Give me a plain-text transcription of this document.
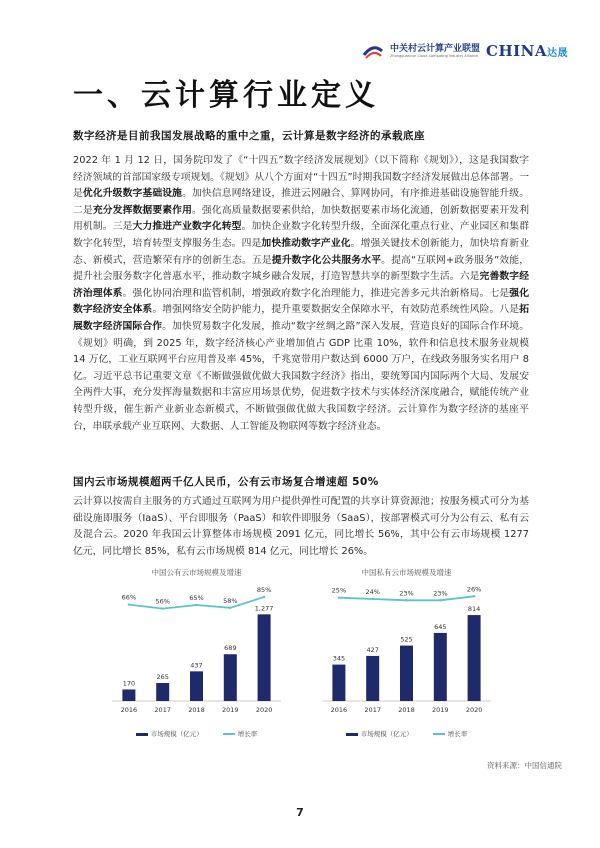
中关村云计算产业联盟
Zhongguancun Cloud Computing Industry Alliance CHINA达晟
一、云计算行业定义
数字经济是目前我国发展战略的重中之重，云计算是数字经济的承载底座
2022 年 1 月 12 日，国务院印发了《“十四五”数字经济发展规划》（以下简称《规划》），这是我国数字经济领域的首部国家级专项规划。《规划》从八个方面对“十四五”时期我国数字经济发展做出总体部署。一是优化升级数字基础设施。加快信息网络建设，推进云网融合、算网协同，有序推进基础设施智能升级。二是充分发挥数据要素作用。强化高质量数据要素供给，加快数据要素市场化流通，创新数据要素开发利用机制。三是大力推进产业数字化转型。加快企业数字化转型升级，全面深化重点行业、产业园区和集群数字化转型，培育转型支撑服务生态。四是加快推动数字产业化。增强关键技术创新能力，加快培育新业态、新模式，营造繁荣有序的创新生态。五是提升数字化公共服务水平。提高“互联网+政务服务”效能，提升社会服务数字化普惠水平，推动数字城乡融合发展，打造智慧共享的新型数字生活。六是完善数字经济治理体系。强化协同治理和监管机制，增强政府数字化治理能力，推进完善多元共治新格局。七是强化数字经济安全体系。增强网络安全防护能力，提升重要数据安全保障水平，有效防范系统性风险。八是拓展数字经济国际合作。加快贸易数字化发展，推动“数字丝绸之路”深入发展，营造良好的国际合作环境。《规划》明确，到 2025 年，数字经济核心产业增加值占 GDP 比重 10%，软件和信息技术服务业规模 14 万亿，工业互联网平台应用普及率 45%，千兆宽带用户数达到 6000 万户，在线政务服务实名用户 8 亿。习近平总书记重要文章《不断做强做优做大我国数字经济》指出，要统筹国内国际两个大局、发展安全两件大事，充分发挥海量数据和丰富应用场景优势，促进数字技术与实体经济深度融合，赋能传统产业转型升级，催生新产业新业态新模式，不断做强做优做大我国数字经济。云计算作为数字经济的基座平台，串联承载产业互联网、大数据、人工智能及物联网等数字经济业态。
国内云市场规模超两千亿人民币，公有云市场复合增速超 50%
云计算以按需自主服务的方式通过互联网为用户提供弹性可配置的共享计算资源池；按服务模式可分为基础设施即服务（IaaS）、平台即服务（PaaS）和软件即服务（SaaS），按部署模式可分为公有云、私有云及混合云。2020 年我国云计算整体市场规模 2091 亿元，同比增长 56%，其中公有云市场规模 1277 亿元，同比增长 85%，私有云市场规模 814 亿元，同比增长 26%。
中国公有云市场规模及增速
170
2016
265
2017
437
2018
689
2019
1,277
2020
66%	56%	65%	58%
85%
市场规模（亿元）	增长率
中国私有云市场规模及增速
345
2016
427
2017
525
2018
645
2019
814
2020
25%	24%	23%	23%	26%
市场规模（亿元）	增长率
资料来源：中国信通院
7
